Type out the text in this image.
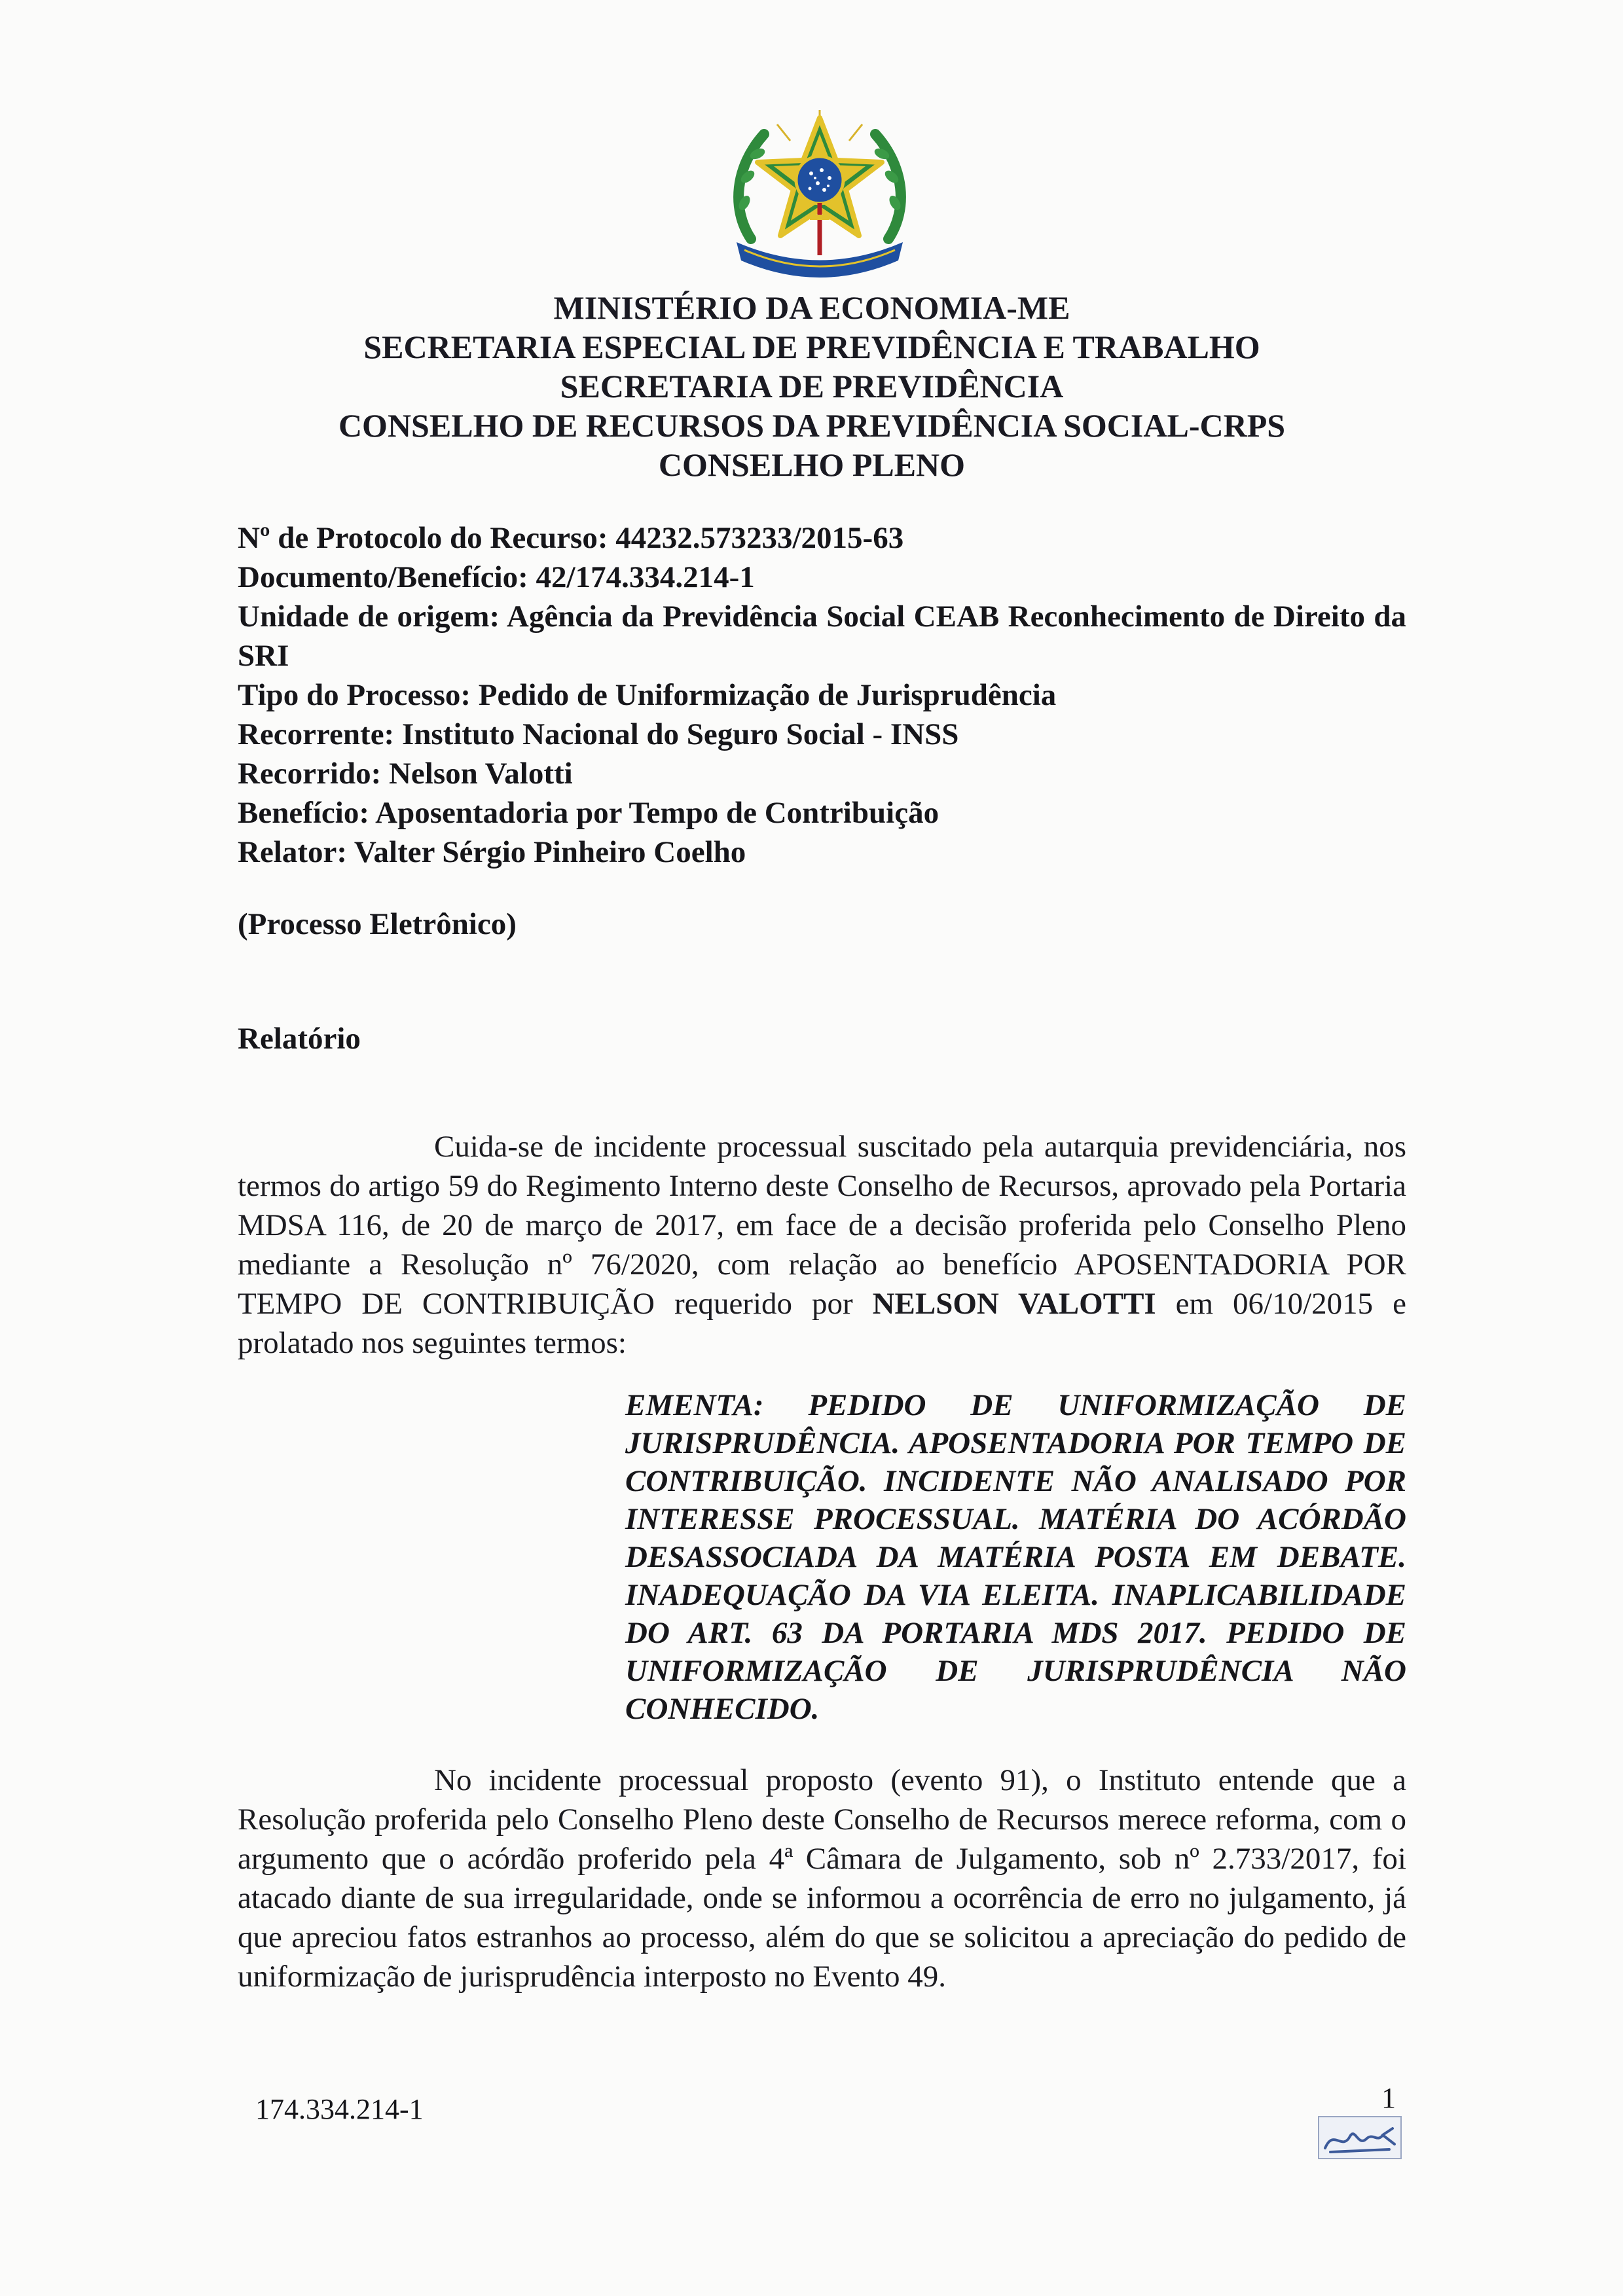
MINISTÉRIO DA ECONOMIA-ME
SECRETARIA ESPECIAL DE PREVIDÊNCIA E TRABALHO
SECRETARIA DE PREVIDÊNCIA
CONSELHO DE RECURSOS DA PREVIDÊNCIA SOCIAL-CRPS
CONSELHO PLENO
Nº de Protocolo do Recurso: 44232.573233/2015-63
Documento/Benefício: 42/174.334.214-1
Unidade de origem: Agência da Previdência Social CEAB Reconhecimento de Direito da SRI
Tipo do Processo: Pedido de Uniformização de Jurisprudência
Recorrente: Instituto Nacional do Seguro Social - INSS
Recorrido: Nelson Valotti
Benefício: Aposentadoria por Tempo de Contribuição
Relator: Valter Sérgio Pinheiro Coelho
(Processo Eletrônico)
Relatório
Cuida-se de incidente processual suscitado pela autarquia previdenciária, nos termos do artigo 59 do Regimento Interno deste Conselho de Recursos, aprovado pela Portaria MDSA 116, de 20 de março de 2017, em face de a decisão proferida pelo Conselho Pleno mediante a Resolução nº 76/2020, com relação ao benefício APOSENTADORIA POR TEMPO DE CONTRIBUIÇÃO requerido por NELSON VALOTTI em 06/10/2015 e prolatado nos seguintes termos:
EMENTA: PEDIDO DE UNIFORMIZAÇÃO DE JURISPRUDÊNCIA. APOSENTADORIA POR TEMPO DE CONTRIBUIÇÃO. INCIDENTE NÃO ANALISADO POR INTERESSE PROCESSUAL. MATÉRIA DO ACÓRDÃO DESASSOCIADA DA MATÉRIA POSTA EM DEBATE. INADEQUAÇÃO DA VIA ELEITA. INAPLICABILIDADE DO ART. 63 DA PORTARIA MDS 2017. PEDIDO DE UNIFORMIZAÇÃO DE JURISPRUDÊNCIA NÃO CONHECIDO.
No incidente processual proposto (evento 91), o Instituto entende que a Resolução proferida pelo Conselho Pleno deste Conselho de Recursos merece reforma, com o argumento que o acórdão proferido pela 4ª Câmara de Julgamento, sob nº 2.733/2017, foi atacado diante de sua irregularidade, onde se informou a ocorrência de erro no julgamento, já que apreciou fatos estranhos ao processo, além do que se solicitou a apreciação do pedido de uniformização de jurisprudência interposto no Evento 49.
174.334.214-1	1
